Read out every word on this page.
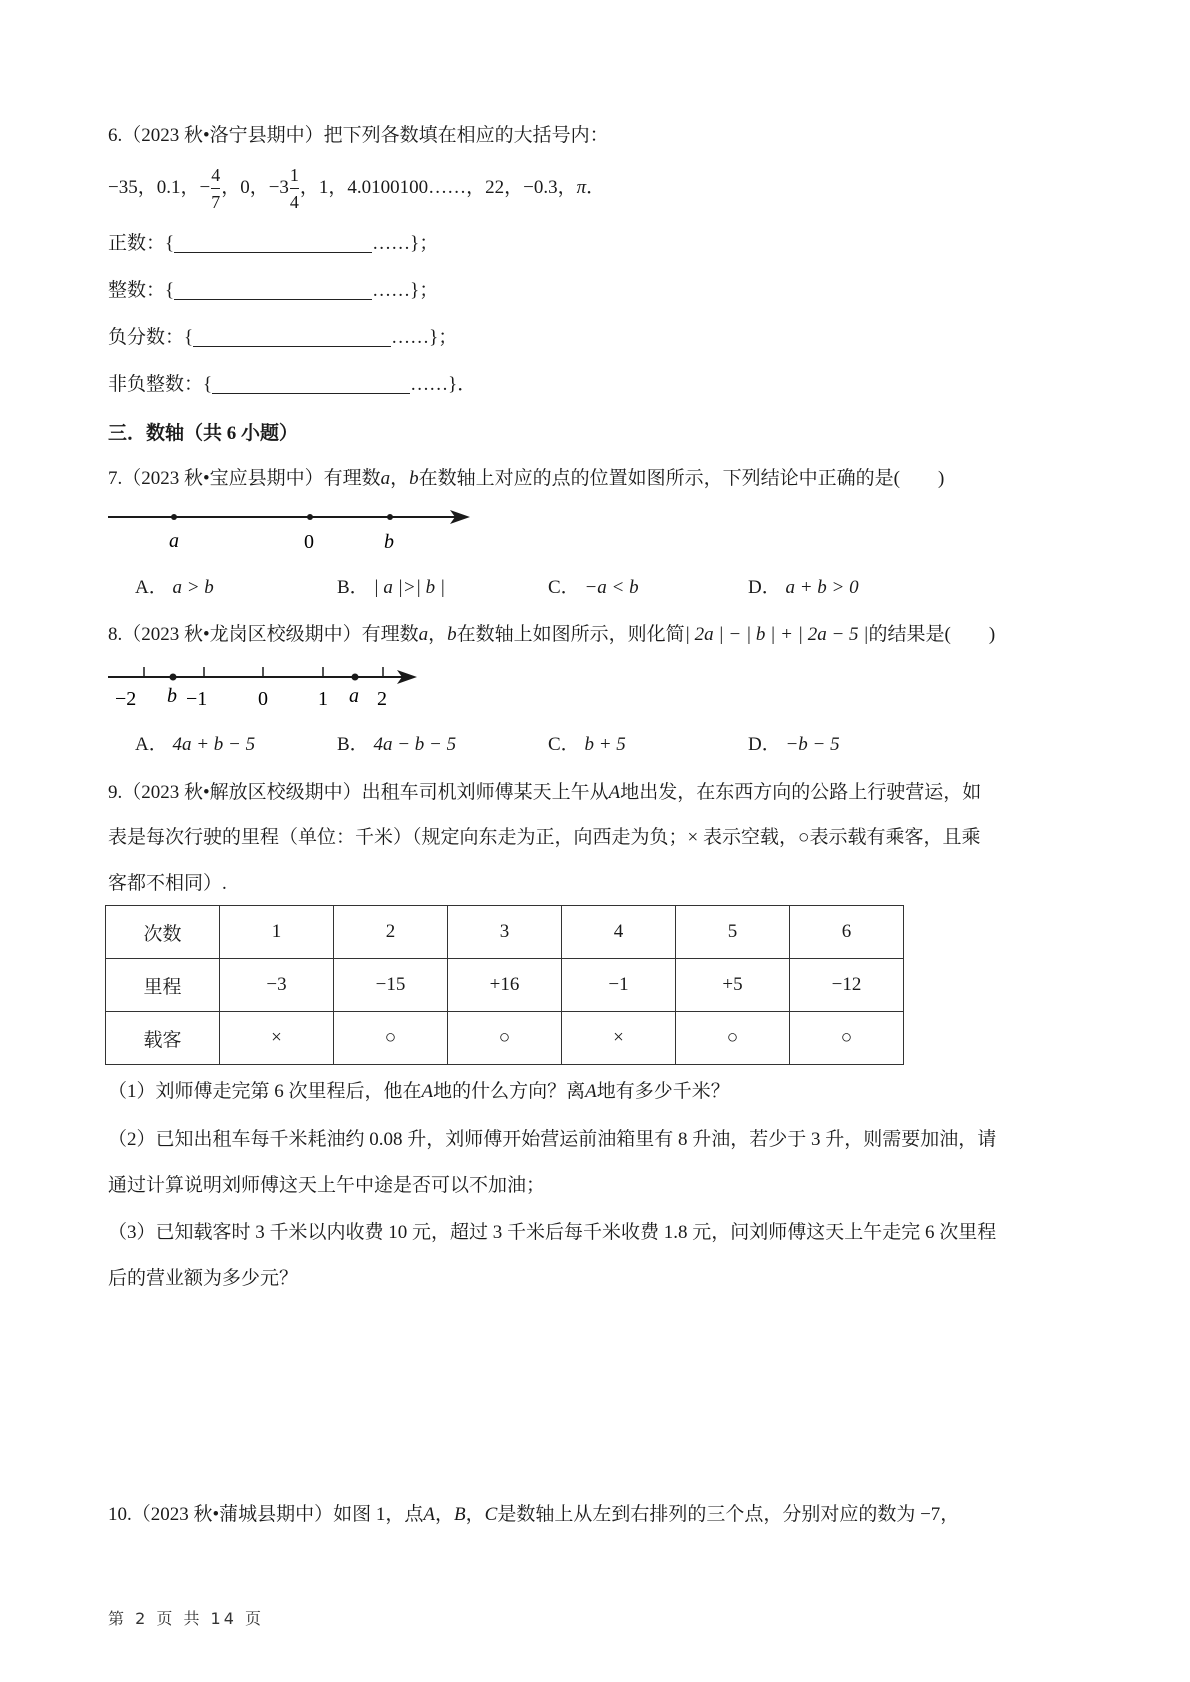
6.（2023 秋•洛宁县期中）把下列各数填在相应的大括号内：
−35，0.1，− $\frac{4}{7}$ ，0，$-3 \frac{1}{4}$ ，1，4.0100100……，22，−0.3，π．
正数：{	……}；
整数：{	……}；
负分数：{	……}；
非负整数：{	……}．
三．数轴（共 6 小题）
7.（2023 秋•宝应县期中）有理数a，b在数轴上对应的点的位置如图所示，下列结论中正确的是(　　)
a	0	b
A． a > b	B． | a |>| b |	C． −a < b	D． a + b > 0
8.（2023 秋•龙岗区校级期中）有理数a，b在数轴上如图所示，则化简| 2a | − | b | + | 2a − 5 |的结果是(　　)
−2 −1	0	1 2
b	a
A． 4a + b − 5	B． 4a − b − 5	C． b + 5	D． −b − 5
9.（2023 秋•解放区校级期中）出租车司机刘师傅某天上午从A地出发，在东西方向的公路上行驶营运，如
表是每次行驶的里程（单位：千米）（规定向东走为正，向西走为负；× 表示空载，○表示载有乘客，且乘
客都不相同）.
次数	1	2	3	4	5	6
里程	−3	−15	+16	−1	+5	−12
载客	×	○	○	×	○	○
（1）刘师傅走完第 6 次里程后，他在A地的什么方向？离A地有多少千米？
（2）已知出租车每千米耗油约 0.08 升，刘师傅开始营运前油箱里有 8 升油，若少于 3 升，则需要加油，请
通过计算说明刘师傅这天上午中途是否可以不加油；
（3）已知载客时 3 千米以内收费 10 元，超过 3 千米后每千米收费 1.8 元，问刘师傅这天上午走完 6 次里程
后的营业额为多少元？
10.（2023 秋•蒲城县期中）如图 1，点A，B，C是数轴上从左到右排列的三个点，分别对应的数为 −7，
第 2 页 共 14 页
